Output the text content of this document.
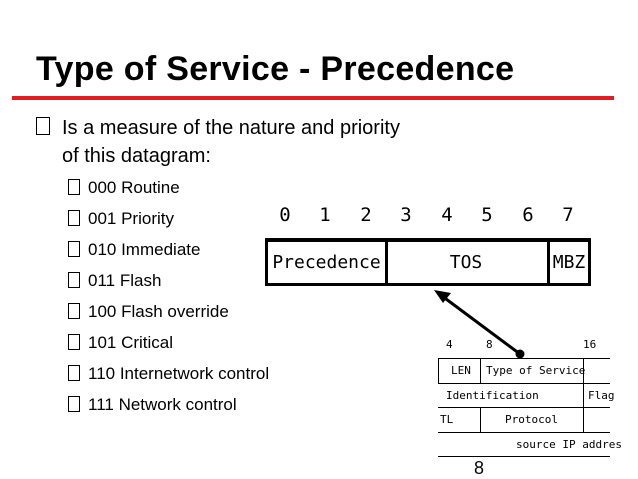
Type of Service - Precedence
Is a measure of the nature and priority of this datagram:
000 Routine
001 Priority
010 Immediate
011 Flash
100 Flash override
101 Critical
110 Internetwork control
111 Network control
0 1 2 3 4 5 6 7
Precedence	TOS	MBZ
4	8	16
LEN Type of Service
Identification	Flag
TL	Protocol
source IP addres
8
